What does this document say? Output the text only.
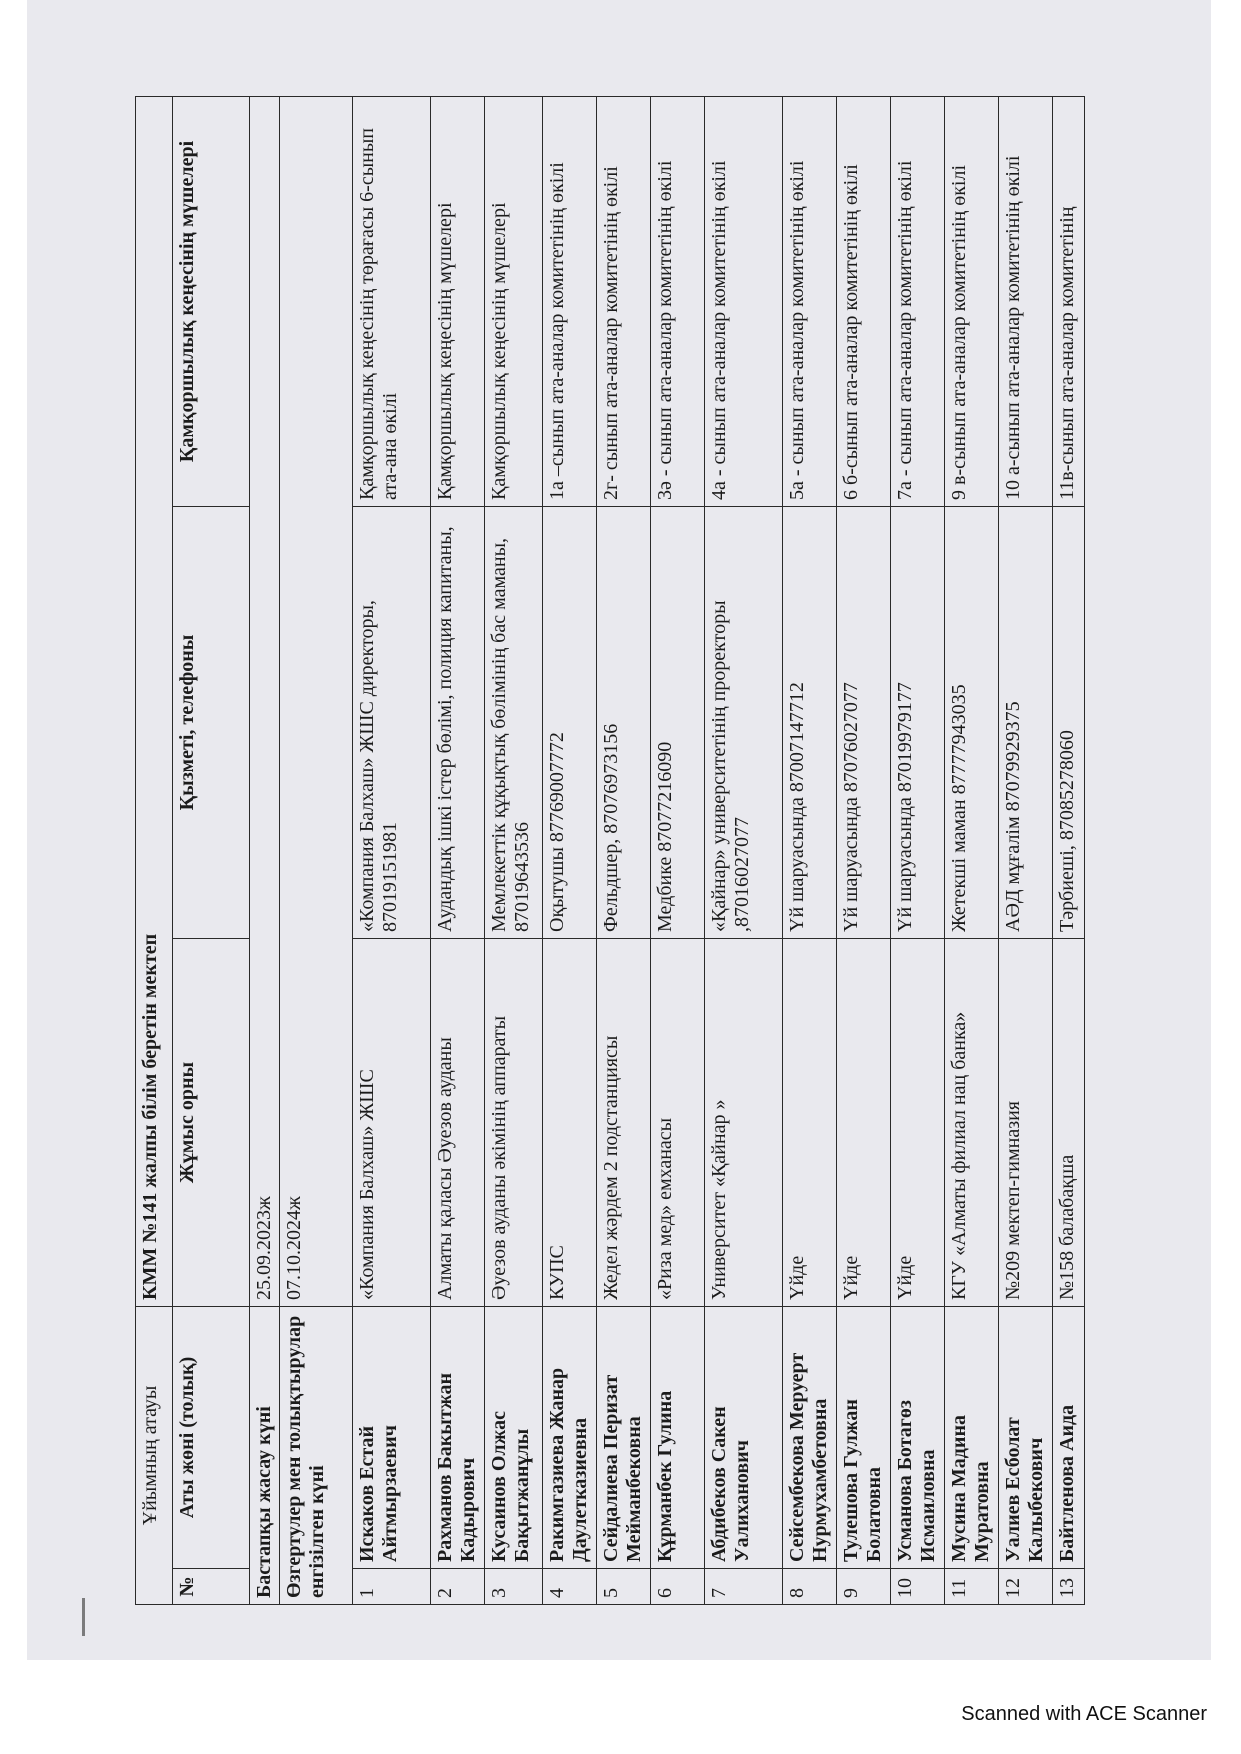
Ұйымның атауы		КММ №141 жалпы білім беретін мектеп		
№	Аты жөні (толық)	Жұмыс орны	Қызметі, телефоны	Қамқоршылық кеңесінің мүшелері
Бастапқы жасау күні		25.09.2023ж		
Өзгертулер мен толықтырулар енгізілген күні		07.10.2024ж		
1	Искаков Естай Айтмырзаевич	«Компания Балхаш» ЖШС	«Компания Балхаш» ЖШС директоры, 87019151981	Қамқоршылық кеңесінің төрағасы 6-сынып ата-ана өкілі
2	Рахманов Бакытжан Кадырович	Алматы қаласы Әуезов ауданы	Аудандық ішкі істер бөлімі, полиция капитаны,	Қамқоршылық кеңесінің мүшелері
3	Кусаинов Олжас Бақытжанұлы	Әуезов ауданы әкімінің аппараты	Мемлекеттік құқықтық бөлімінің бас маманы, 87019643536	Қамқоршылық кеңесінің мүшелері
4	Ракимгазиева Жанар Даулетказиевна	КУПС	Оқытушы 87769007772	1а –сынып ата-аналар комитетінің өкілі
5	Сейдалиева Перизат Мейманбековна	Жедел жәрдем 2 подстанциясы	Фельдшер, 87076973156	2г- сынып ата-аналар комитетінің өкілі
6	Құрманбек Гулина	«Риза мед» емханасы	Медбике 87077216090	3ә - сынып ата-аналар комитетінің өкілі
7	Абдибеков Сакен Уалиханович	Университет «Қайнар »	«Қайнар» университетінің проректоры ,87016027077	4а - сынып ата-аналар комитетінің өкілі
8	Сейсембекова Меруерт Нурмухамбетовна	Үйде	Үй шаруасында 87007147712	5а - сынып ата-аналар комитетінің өкілі
9	Тулешова Гулжан Болатовна	Үйде	Үй шаруасында 87076027077	6 б-сынып ата-аналар комитетінің өкілі
10	Усманова Ботагөз Исмаиловна	Үйде	Үй шаруасында 87019979177	7а - сынып ата-аналар комитетінің өкілі
11	Мусина Мадина Муратовна	КГУ «Алматы филиал нац банка»	Жетекші маман 87777943035	9 в-сынып ата-аналар комитетінің өкілі
12	Уалиев Есболат Калыбекович	№209 мектеп-гимназия	АӘД мұғалім 87079929375	10 а-сынып ата-аналар комитетінің өкілі
13	Байтленова Аида	№158 балабақша	Тәрбиеші, 87085278060	11в-сынып ата-аналар комитетінің
Scanned with ACE Scanner
